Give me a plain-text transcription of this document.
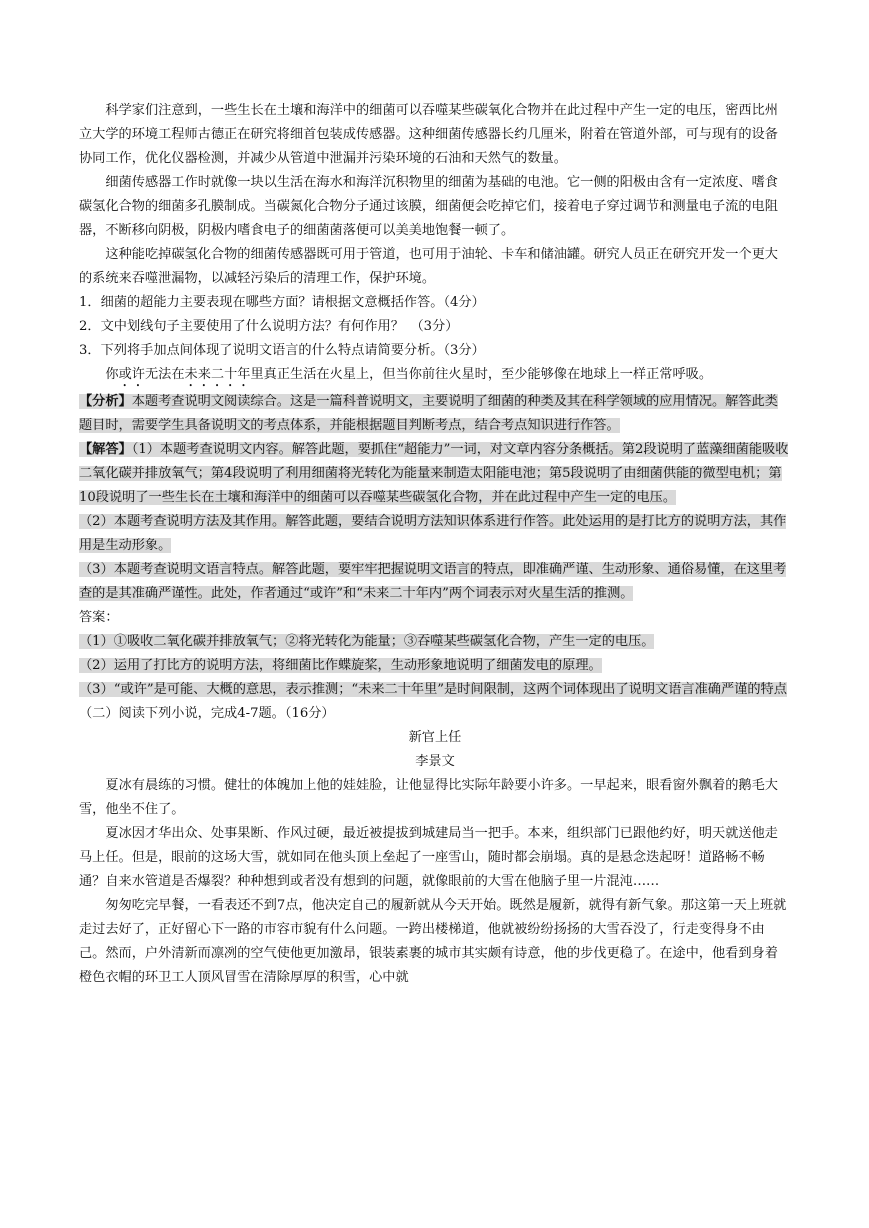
科学家们注意到，一些生长在土壤和海洋中的细菌可以吞噬某些碳氧化合物并在此过程中产生一定的电压，密西比州立大学的环境工程师古德正在研究将细首包装成传感器。这种细菌传感器长约几厘米，附着在管道外部，可与现有的设备协同工作，优化仪器检测，并减少从管道中泄漏并污染环境的石油和天然气的数量。

细菌传感器工作时就像一块以生活在海水和海洋沉积物里的细菌为基础的电池。它一侧的阳极由含有一定浓度、嗜食碳氢化合物的细菌多孔膜制成。当碳氮化合物分子通过该膜，细菌便会吃掉它们，接着电子穿过调节和测量电子流的电阻器，不断移向阴极，阴极内嗜食电子的细菌菌落便可以美美地饱餐一顿了。

这种能吃掉碳氢化合物的细菌传感器既可用于管道，也可用于油轮、卡车和储油罐。研究人员正在研究开发一个更大的系统来吞噬泄漏物，以减轻污染后的清理工作，保护环境。

1．细菌的超能力主要表现在哪些方面？请根据文意概括作答。（4分）

2．文中划线句子主要使用了什么说明方法？有何作用？　（3分）

3．下列将手加点间体现了说明文语言的什么特点请简要分析。（3分）

你或许无法在未来二十年里真正生活在火星上，但当你前往火星时，至少能够像在地球上一样正常呼吸。

【分析】本题考查说明文阅读综合。这是一篇科普说明文，主要说明了细菌的种类及其在科学领域的应用情况。解答此类题目时，需要学生具备说明文的考点体系，并能根据题目判断考点，结合考点知识进行作答。

【解答】（1）本题考查说明文内容。解答此题，要抓住“超能力”一词，对文章内容分条概括。第2段说明了蓝藻细菌能吸收二氧化碳并排放氧气；第4段说明了利用细菌将光转化为能量来制造太阳能电池；第5段说明了由细菌供能的微型电机；第10段说明了一些生长在土壤和海洋中的细菌可以吞噬某些碳氢化合物，并在此过程中产生一定的电压。

（2）本题考查说明方法及其作用。解答此题，要结合说明方法知识体系进行作答。此处运用的是打比方的说明方法，其作用是生动形象。

（3）本题考查说明文语言特点。解答此题，要牢牢把握说明文语言的特点，即准确严谨、生动形象、通俗易懂，在这里考查的是其准确严谨性。此处，作者通过“或许”和“未来二十年内”两个词表示对火星生活的推测。

答案：

（1）①吸收二氧化碳并排放氧气；②将光转化为能量；③吞噬某些碳氢化合物，产生一定的电压。

（2）运用了打比方的说明方法，将细菌比作蝶旋桨，生动形象地说明了细菌发电的原理。

（3）“或许”是可能、大概的意思，表示推测；“未来二十年里”是时间限制，这两个词体现出了说明文语言准确严谨的特点

（二）阅读下列小说，完成4-7题。（16分）

新官上任

李景文

夏冰有晨练的习惯。健壮的体魄加上他的娃娃脸，让他显得比实际年龄要小许多。一早起来，眼看窗外飘着的鹅毛大雪，他坐不住了。

夏冰因才华出众、处事果断、作风过硬，最近被提拔到城建局当一把手。本来，组织部门已跟他约好，明天就送他走马上任。但是，眼前的这场大雪，就如同在他头顶上垒起了一座雪山，随时都会崩塌。真的是悬念迭起呀！道路畅不畅通？自来水管道是否爆裂？种种想到或者没有想到的问题，就像眼前的大雪在他脑子里一片混沌……

匆匆吃完早餐，一看表还不到7点，他决定自己的履新就从今天开始。既然是履新，就得有新气象。那这第一天上班就走过去好了，正好留心下一路的市容市貌有什么问题。一跨出楼梯道，他就被纷纷扬扬的大雪吞没了，行走变得身不由己。然而，户外清新而凛冽的空气使他更加激昂，银装素裹的城市其实颇有诗意，他的步伐更稳了。在途中，他看到身着橙色衣帽的环卫工人顶风冒雪在清除厚厚的积雪，心中就
